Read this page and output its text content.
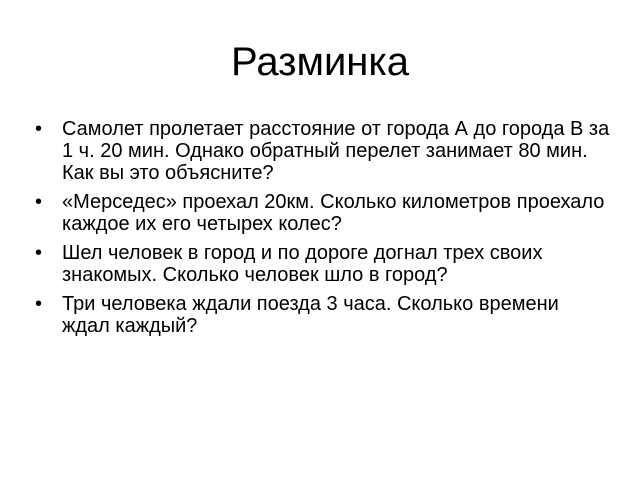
Разминка
• Самолет пролетает расстояние от города А до города В за 1 ч. 20 мин. Однако обратный перелет занимает 80 мин. Как вы это объясните?
• «Мерседес» проехал 20км. Сколько километров проехало каждое их его четырех колес?
• Шел человек в город и по дороге догнал трех своих знакомых. Сколько человек шло в город?
• Три человека ждали поезда 3 часа. Сколько времени ждал каждый?
